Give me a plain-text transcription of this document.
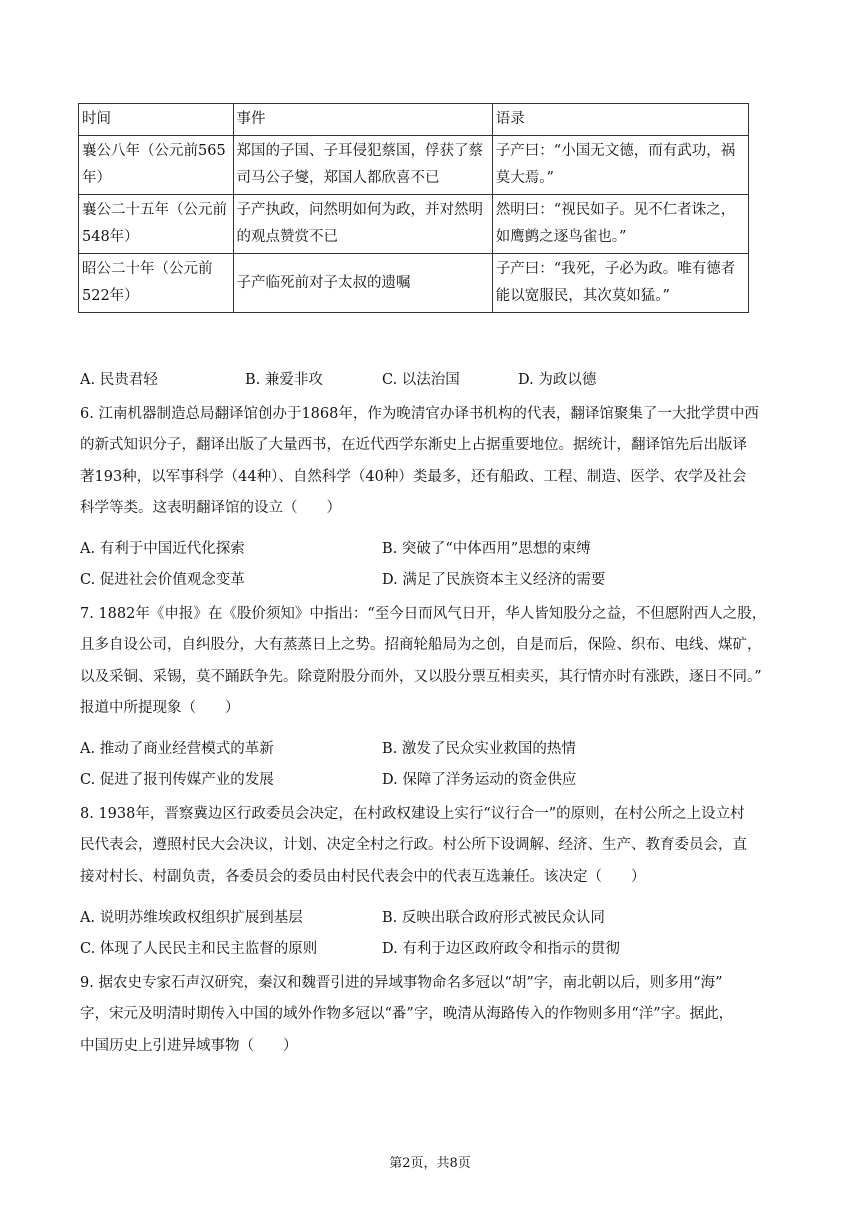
时间	事件	语录
襄公八年（公元前565年）	郑国的子国、子耳侵犯蔡国，俘获了蔡司马公子燮，郑国人都欣喜不已	子产曰：“小国无文德，而有武功，祸莫大焉。”
襄公二十五年（公元前548年）	子产执政，问然明如何为政，并对然明的观点赞赏不已	然明曰：“视民如子。见不仁者诛之，如鹰鹯之逐鸟雀也。”
昭公二十年（公元前522年）	子产临死前对子太叔的遗嘱	子产曰：“我死，子必为政。唯有德者能以宽服民，其次莫如猛。”
A. 民贵君轻	B. 兼爱非攻	C. 以法治国	D. 为政以德
6. 江南机器制造总局翻译馆创办于1868年，作为晚清官办译书机构的代表，翻译馆聚集了一大批学贯中西
的新式知识分子，翻译出版了大量西书，在近代西学东渐史上占据重要地位。据统计，翻译馆先后出版译
著193种，以军事科学（44种）、自然科学（40种）类最多，还有船政、工程、制造、医学、农学及社会
科学等类。这表明翻译馆的设立（　　）
A. 有利于中国近代化探索	B. 突破了“中体西用”思想的束缚
C. 促进社会价值观念变革	D. 满足了民族资本主义经济的需要
7. 1882年《申报》在《股价须知》中指出：“至今日而风气日开，华人皆知股分之益，不但愿附西人之股，
且多自设公司，自纠股分，大有蒸蒸日上之势。招商轮船局为之创，自是而后，保险、织布、电线、煤矿，
以及采铜、采锡，莫不踊跃争先。除竟附股分而外，又以股分票互相卖买，其行情亦时有涨跌，逐日不同。”
报道中所提现象（　　）
A. 推动了商业经营模式的革新	B. 激发了民众实业救国的热情
C. 促进了报刊传媒产业的发展	D. 保障了洋务运动的资金供应
8. 1938年，晋察冀边区行政委员会决定，在村政权建设上实行“议行合一”的原则，在村公所之上设立村
民代表会，遵照村民大会决议，计划、决定全村之行政。村公所下设调解、经济、生产、教育委员会，直
接对村长、村副负责，各委员会的委员由村民代表会中的代表互选兼任。该决定（　　）
A. 说明苏维埃政权组织扩展到基层	B. 反映出联合政府形式被民众认同
C. 体现了人民民主和民主监督的原则	D. 有利于边区政府政令和指示的贯彻
9. 据农史专家石声汉研究，秦汉和魏晋引进的异域事物命名多冠以“胡”字，南北朝以后，则多用“海”
字，宋元及明清时期传入中国的域外作物多冠以“番”字，晚清从海路传入的作物则多用“洋”字。据此，
中国历史上引进异域事物（　　）
第2页，共8页
